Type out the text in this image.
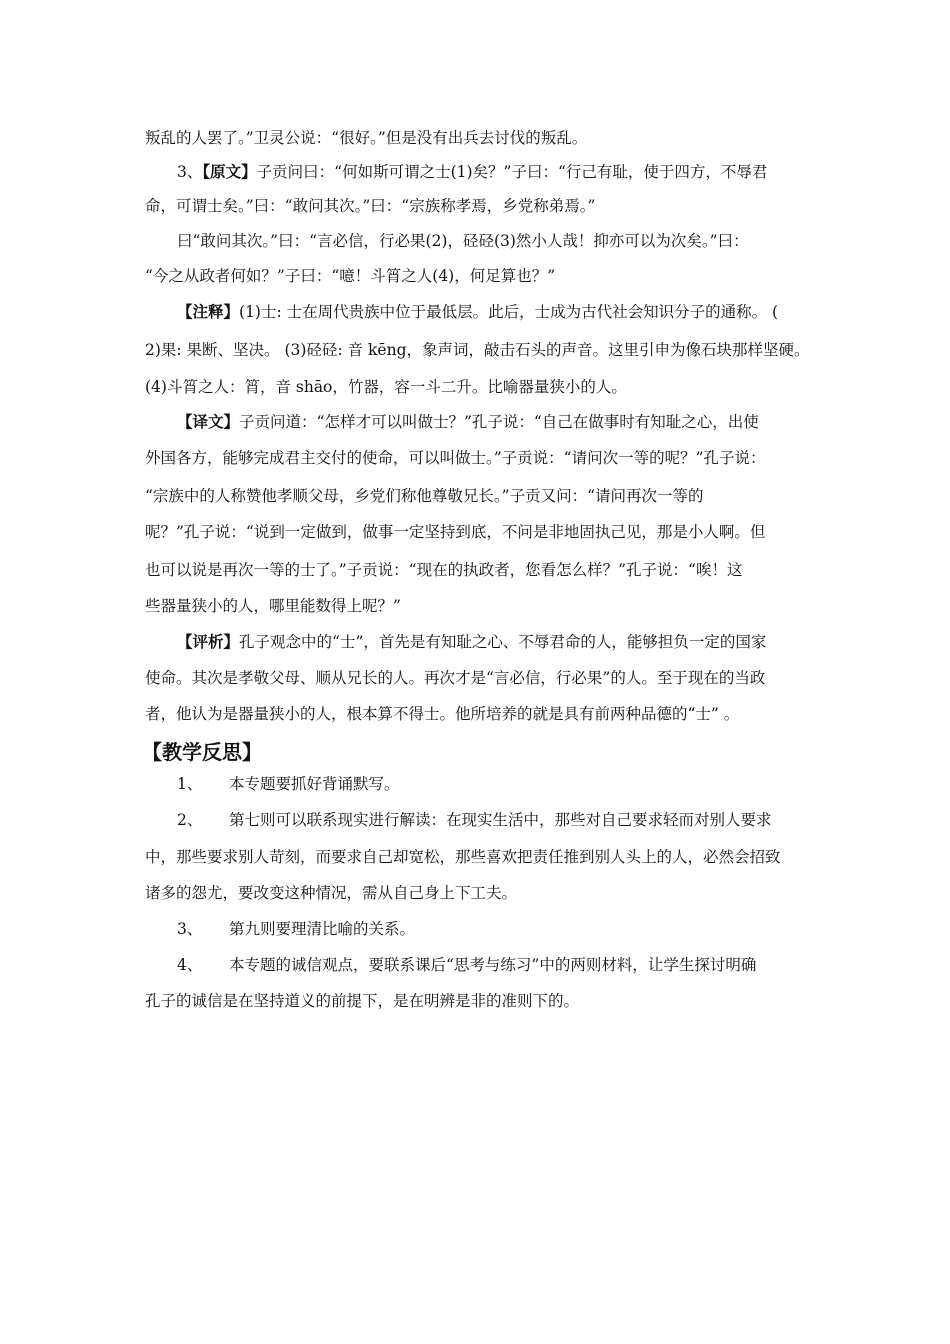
叛乱的人罢了。”卫灵公说：“很好。”但是没有出兵去讨伐的叛乱。
3、【原文】子贡问曰：“何如斯可谓之士(1)矣？”子曰：“行己有耻，使于四方，不辱君
命，可谓士矣。”曰：“敢问其次。”曰：“宗族称孝焉，乡党称弟焉。”
曰“敢问其次。”曰：“言必信，行必果(2)，硁硁(3)然小人哉！抑亦可以为次矣。”曰：
“今之从政者何如？”子曰：“噫！斗筲之人(4)，何足算也？”
【注释】(1)士: 士在周代贵族中位于最低层。此后，士成为古代社会知识分子的通称。 (
2)果: 果断、坚决。 (3)硁硁: 音 kēng，象声词，敲击石头的声音。这里引申为像石块那样坚硬。
(4)斗筲之人：筲，音 shāo，竹器，容一斗二升。比喻器量狭小的人。
【译文】子贡问道：“怎样才可以叫做士？”孔子说：“自己在做事时有知耻之心，出使
外国各方，能够完成君主交付的使命，可以叫做士。”子贡说：“请问次一等的呢？”孔子说：
“宗族中的人称赞他孝顺父母，乡党们称他尊敬兄长。”子贡又问：“请问再次一等的
呢？”孔子说：“说到一定做到，做事一定坚持到底，不问是非地固执己见，那是小人啊。但
也可以说是再次一等的士了。”子贡说：“现在的执政者，您看怎么样？”孔子说：“唉！这
些器量狭小的人，哪里能数得上呢？”
【评析】孔子观念中的“士”，首先是有知耻之心、不辱君命的人，能够担负一定的国家
使命。其次是孝敬父母、顺从兄长的人。再次才是“言必信，行必果”的人。至于现在的当政
者，他认为是器量狭小的人，根本算不得士。他所培养的就是具有前两种品德的“士” 。
【教学反思】
1、 本专题要抓好背诵默写。
2、 第七则可以联系现实进行解读：在现实生活中，那些对自己要求轻而对别人要求
中，那些要求别人苛刻，而要求自己却宽松，那些喜欢把责任推到别人头上的人，必然会招致
诸多的怨尤，要改变这种情况，需从自己身上下工夫。
3、 第九则要理清比喻的关系。
4、 本专题的诚信观点，要联系课后“思考与练习”中的两则材料，让学生探讨明确
孔子的诚信是在坚持道义的前提下，是在明辨是非的准则下的。
